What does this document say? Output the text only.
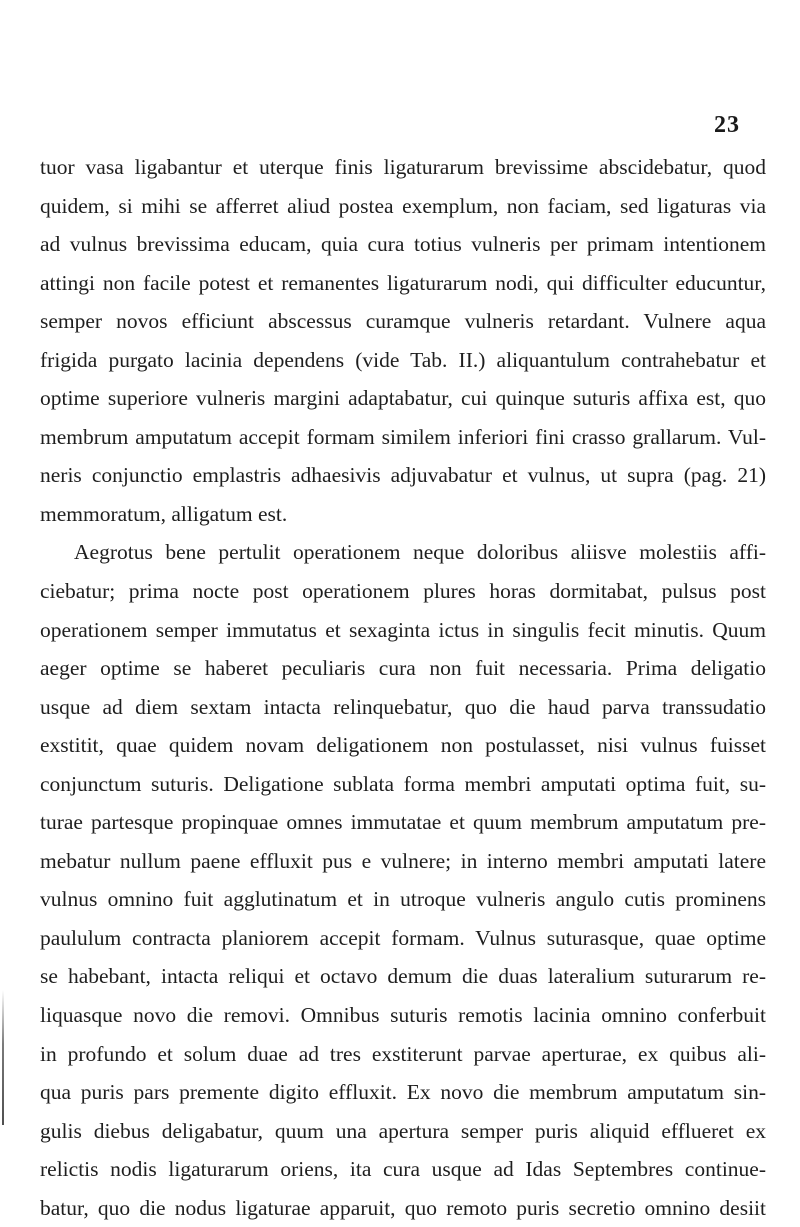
23
tuor vasa ligabantur et uterque finis ligaturarum brevissime abscidebatur, quod
quidem, si mihi se afferret aliud postea exemplum, non faciam, sed ligaturas via
ad vulnus brevissima educam, quia cura totius vulneris per primam intentionem
attingi non facile potest et remanentes ligaturarum nodi, qui difficulter educuntur,
semper novos efficiunt abscessus curamque vulneris retardant. Vulnere aqua
frigida purgato lacinia dependens (vide Tab. II.) aliquantulum contrahebatur et
optime superiore vulneris margini adaptabatur, cui quinque suturis affixa est, quo
membrum amputatum accepit formam similem inferiori fini crasso grallarum. Vul-
neris conjunctio emplastris adhaesivis adjuvabatur et vulnus, ut supra (pag. 21)
memmoratum, alligatum est.
Aegrotus bene pertulit operationem neque doloribus aliisve molestiis affi-
ciebatur; prima nocte post operationem plures horas dormitabat, pulsus post
operationem semper immutatus et sexaginta ictus in singulis fecit minutis. Quum
aeger optime se haberet peculiaris cura non fuit necessaria. Prima deligatio
usque ad diem sextam intacta relinquebatur, quo die haud parva transsudatio
exstitit, quae quidem novam deligationem non postulasset, nisi vulnus fuisset
conjunctum suturis. Deligatione sublata forma membri amputati optima fuit, su-
turae partesque propinquae omnes immutatae et quum membrum amputatum pre-
mebatur nullum paene effluxit pus e vulnere; in interno membri amputati latere
vulnus omnino fuit agglutinatum et in utroque vulneris angulo cutis prominens
paululum contracta planiorem accepit formam. Vulnus suturasque, quae optime
se habebant, intacta reliqui et octavo demum die duas lateralium suturarum re-
liquasque novo die removi. Omnibus suturis remotis lacinia omnino conferbuit
in profundo et solum duae ad tres exstiterunt parvae aperturae, ex quibus ali-
qua puris pars premente digito effluxit. Ex novo die membrum amputatum sin-
gulis diebus deligabatur, quum una apertura semper puris aliquid efflueret ex
relictis nodis ligaturarum oriens, ita cura usque ad Idas Septembres continue-
batur, quo die nodus ligaturae apparuit, quo remoto puris secretio omnino desiit
